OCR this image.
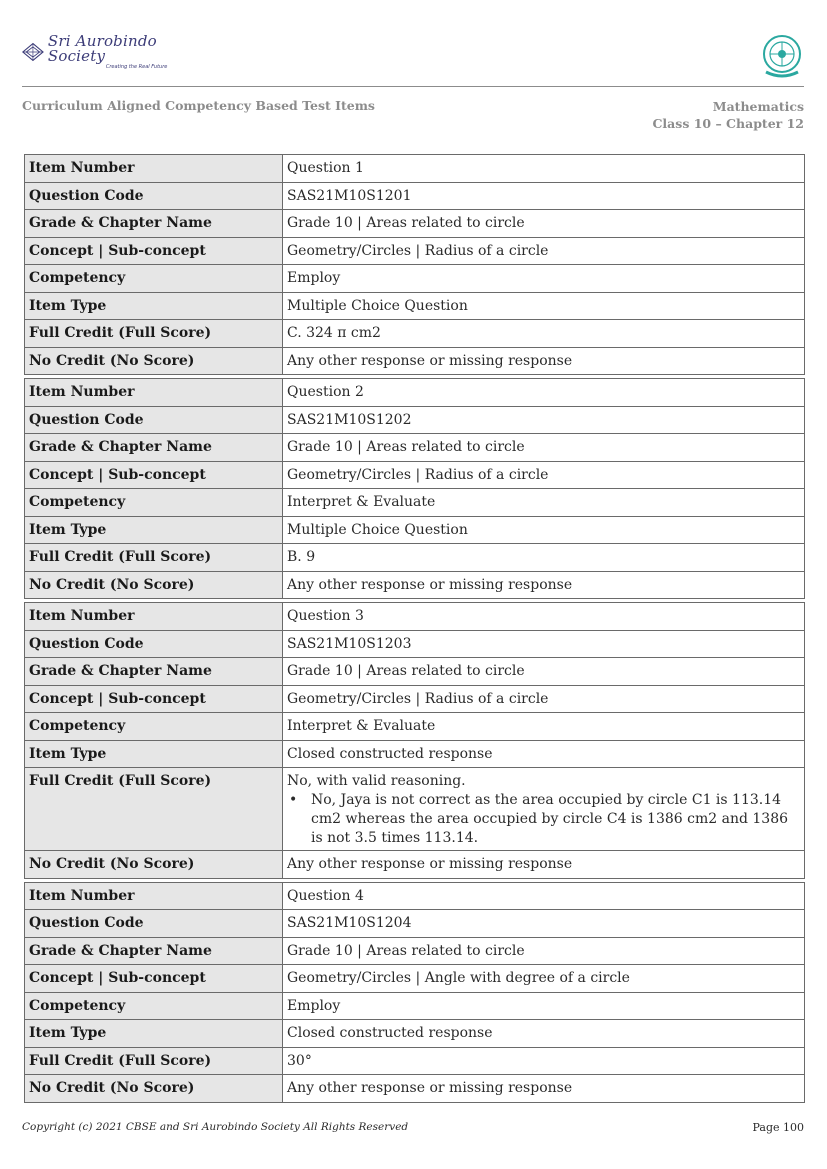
Sri Aurobindo Society
Creating the Real Future
Curriculum Aligned Competency Based Test Items	Mathematics
Class 10 – Chapter 12
Item Number	Question 1
Question Code	SAS21M10S1201
Grade & Chapter Name	Grade 10 | Areas related to circle
Concept | Sub-concept	Geometry/Circles | Radius of a circle
Competency	Employ
Item Type	Multiple Choice Question
Full Credit (Full Score)	C. 324 π cm2
No Credit (No Score)	Any other response or missing response
Item Number	Question 2
Question Code	SAS21M10S1202
Grade & Chapter Name	Grade 10 | Areas related to circle
Concept | Sub-concept	Geometry/Circles | Radius of a circle
Competency	Interpret & Evaluate
Item Type	Multiple Choice Question
Full Credit (Full Score)	B. 9
No Credit (No Score)	Any other response or missing response
Item Number	Question 3
Question Code	SAS21M10S1203
Grade & Chapter Name	Grade 10 | Areas related to circle
Concept | Sub-concept	Geometry/Circles | Radius of a circle
Competency	Interpret & Evaluate
Item Type	Closed constructed response
Full Credit (Full Score)	No, with valid reasoning.
• No, Jaya is not correct as the area occupied by circle C1 is 113.14 cm2 whereas the area occupied by circle C4 is 1386 cm2 and 1386 is not 3.5 times 113.14.

No Credit (No Score)	Any other response or missing response
Item Number	Question 4
Question Code	SAS21M10S1204
Grade & Chapter Name	Grade 10 | Areas related to circle
Concept | Sub-concept	Geometry/Circles | Angle with degree of a circle
Competency	Employ
Item Type	Closed constructed response
Full Credit (Full Score)	30°
No Credit (No Score)	Any other response or missing response
Copyright (c) 2021 CBSE and Sri Aurobindo Society All Rights Reserved	Page 100
